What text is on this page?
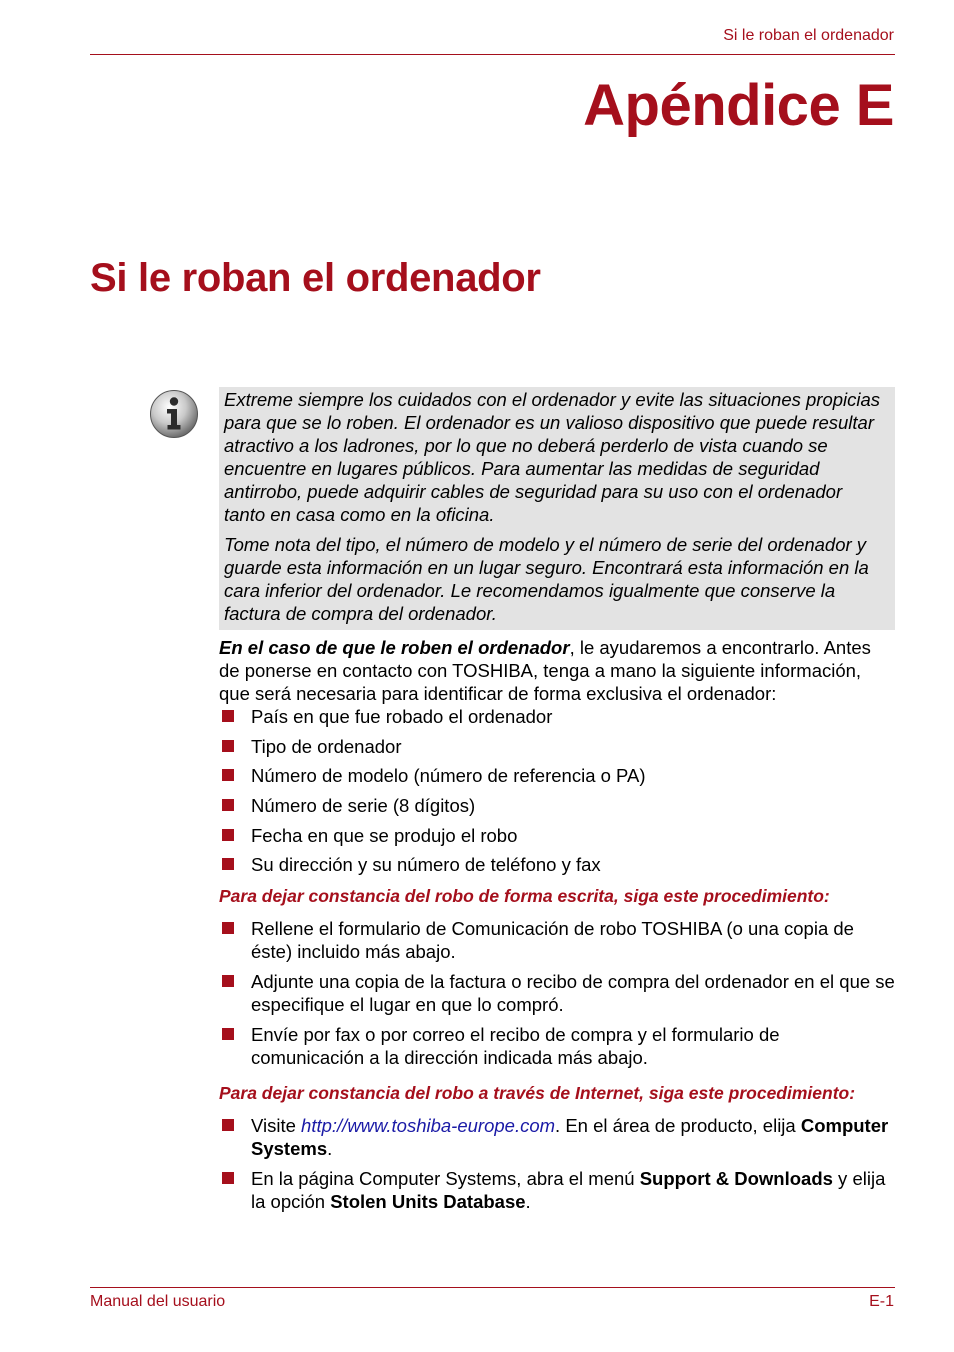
Si le roban el ordenador
Apéndice E
Si le roban el ordenador

Extreme siempre los cuidados con el ordenador y evite las situaciones propicias para que se lo roben. El ordenador es un valioso dispositivo que puede resultar atractivo a los ladrones, por lo que no deberá perderlo de vista cuando se encuentre en lugares públicos. Para aumentar las medidas de seguridad antirrobo, puede adquirir cables de seguridad para su uso con el ordenador tanto en casa como en la oficina.

Tome nota del tipo, el número de modelo y el número de serie del ordenador y guarde esta información en un lugar seguro. Encontrará esta información en la cara inferior del ordenador. Le recomendamos igualmente que conserve la factura de compra del ordenador.

En el caso de que le roben el ordenador, le ayudaremos a encontrarlo. Antes de ponerse en contacto con TOSHIBA, tenga a mano la siguiente información, que será necesaria para identificar de forma exclusiva el ordenador:

País en que fue robado el ordenador
Tipo de ordenador
Número de modelo (número de referencia o PA)
Número de serie (8 dígitos)
Fecha en que se produjo el robo
Su dirección y su número de teléfono y fax

Para dejar constancia del robo de forma escrita, siga este procedimiento:

Rellene el formulario de Comunicación de robo TOSHIBA (o una copia de éste) incluido más abajo.
Adjunte una copia de la factura o recibo de compra del ordenador en el que se especifique el lugar en que lo compró.
Envíe por fax o por correo el recibo de compra y el formulario de comunicación a la dirección indicada más abajo.

Para dejar constancia del robo a través de Internet, siga este procedimiento:

Visite http://www.toshiba-europe.com. En el área de producto, elija Computer Systems.
En la página Computer Systems, abra el menú Support & Downloads y elija la opción Stolen Units Database.
Manual del usuario	E-1
